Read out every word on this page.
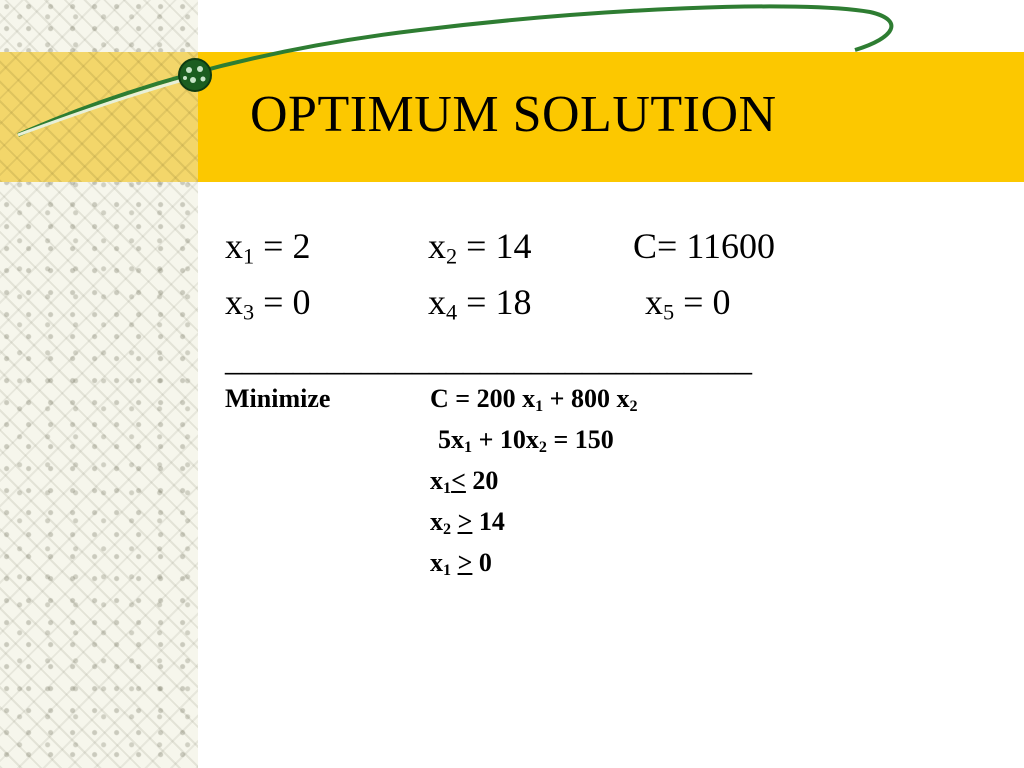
OPTIMUM SOLUTION
$x_1 = 2$	$x_2 = 14$	C= 11600
$x_3 = 0$	$x_4 = 18$	$x_5 = 0$
_______________________________
Minimize	C = 200 $x_1 + 800$ $x_2$
$5x_1 + 10x_2 = 150$
$x_1< 20$
$x_2 > 14$
$x_1 > 0$
